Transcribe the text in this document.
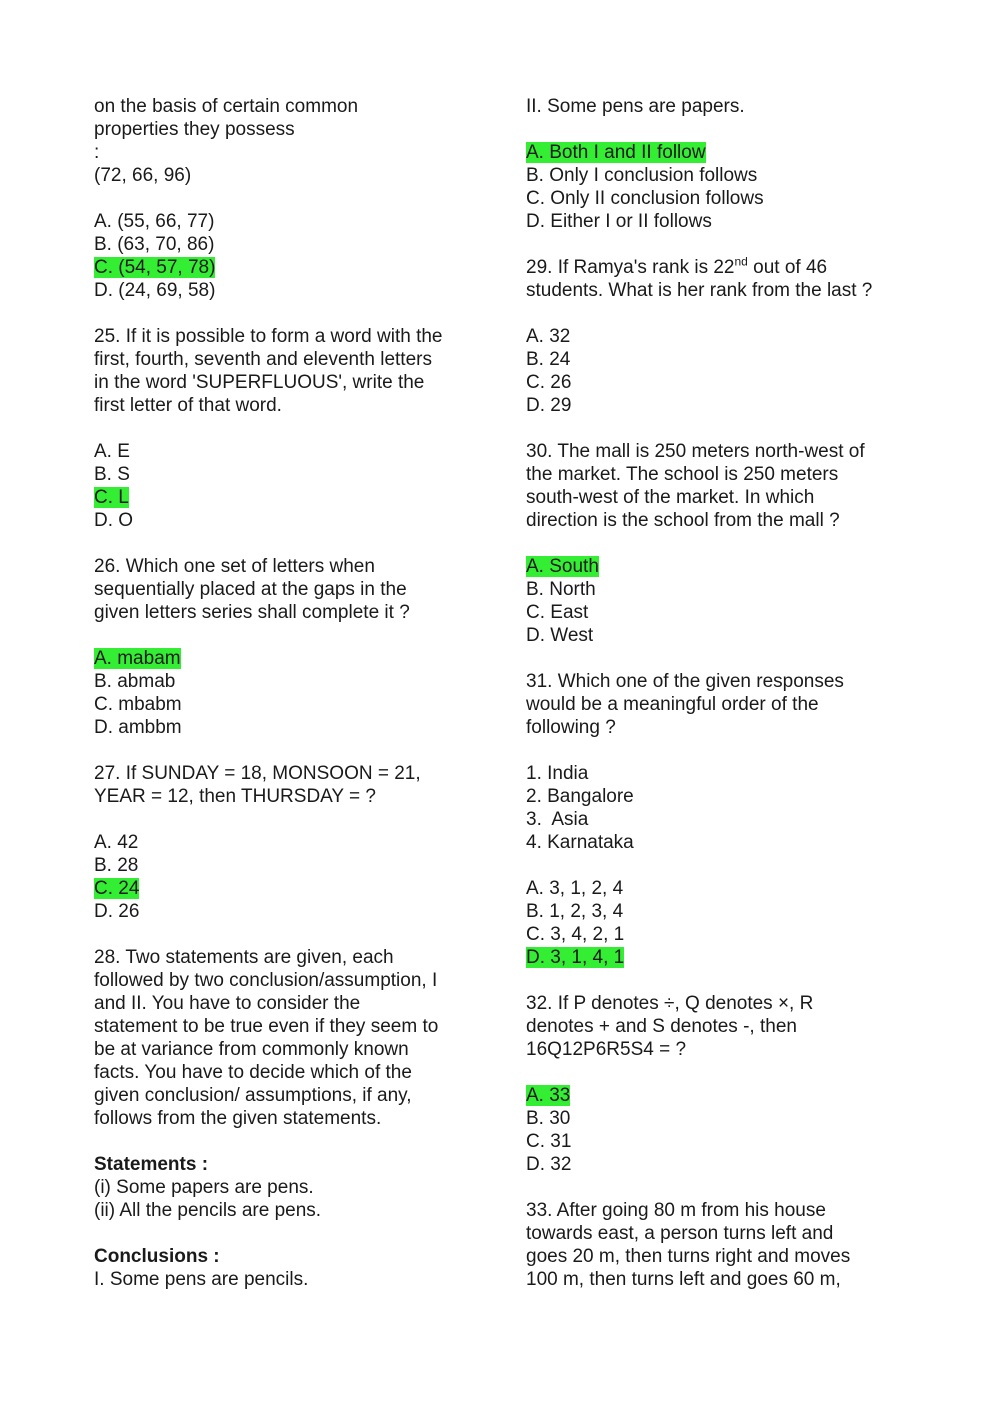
on the basis of certain common
properties they possess
:
(72, 66, 96)
A. (55, 66, 77)
B. (63, 70, 86)
C. (54, 57, 78)
D. (24, 69, 58)
25. If it is possible to form a word with the
first, fourth, seventh and eleventh letters
in the word 'SUPERFLUOUS', write the
first letter of that word.
A. E
B. S
C. L
D. O
26. Which one set of letters when
sequentially placed at the gaps in the
given letters series shall complete it ?
A. mabam
B. abmab
C. mbabm
D. ambbm
27. If SUNDAY = 18, MONSOON = 21,
YEAR = 12, then THURSDAY = ?
A. 42
B. 28
C. 24
D. 26
28. Two statements are given, each
followed by two conclusion/assumption, I
and II. You have to consider the
statement to be true even if they seem to
be at variance from commonly known
facts. You have to decide which of the
given conclusion/ assumptions, if any,
follows from the given statements.
Statements :
(i) Some papers are pens.
(ii) All the pencils are pens.
Conclusions :
I. Some pens are pencils.
II. Some pens are papers.
A. Both I and II follow
B. Only I conclusion follows
C. Only II conclusion follows
D. Either I or II follows
29. If Ramya's rank is 22nd out of 46
students. What is her rank from the last ?
A. 32
B. 24
C. 26
D. 29
30. The mall is 250 meters north-west of
the market. The school is 250 meters
south-west of the market. In which
direction is the school from the mall ?
A. South
B. North
C. East
D. West
31. Which one of the given responses
would be a meaningful order of the
following ?
1. India
2. Bangalore
3.  Asia
4. Karnataka
A. 3, 1, 2, 4
B. 1, 2, 3, 4
C. 3, 4, 2, 1
D. 3, 1, 4, 1
32. If P denotes ÷, Q denotes ×, R
denotes + and S denotes -, then
16Q12P6R5S4 = ?
A. 33
B. 30
C. 31
D. 32
33. After going 80 m from his house
towards east, a person turns left and
goes 20 m, then turns right and moves
100 m, then turns left and goes 60 m,
